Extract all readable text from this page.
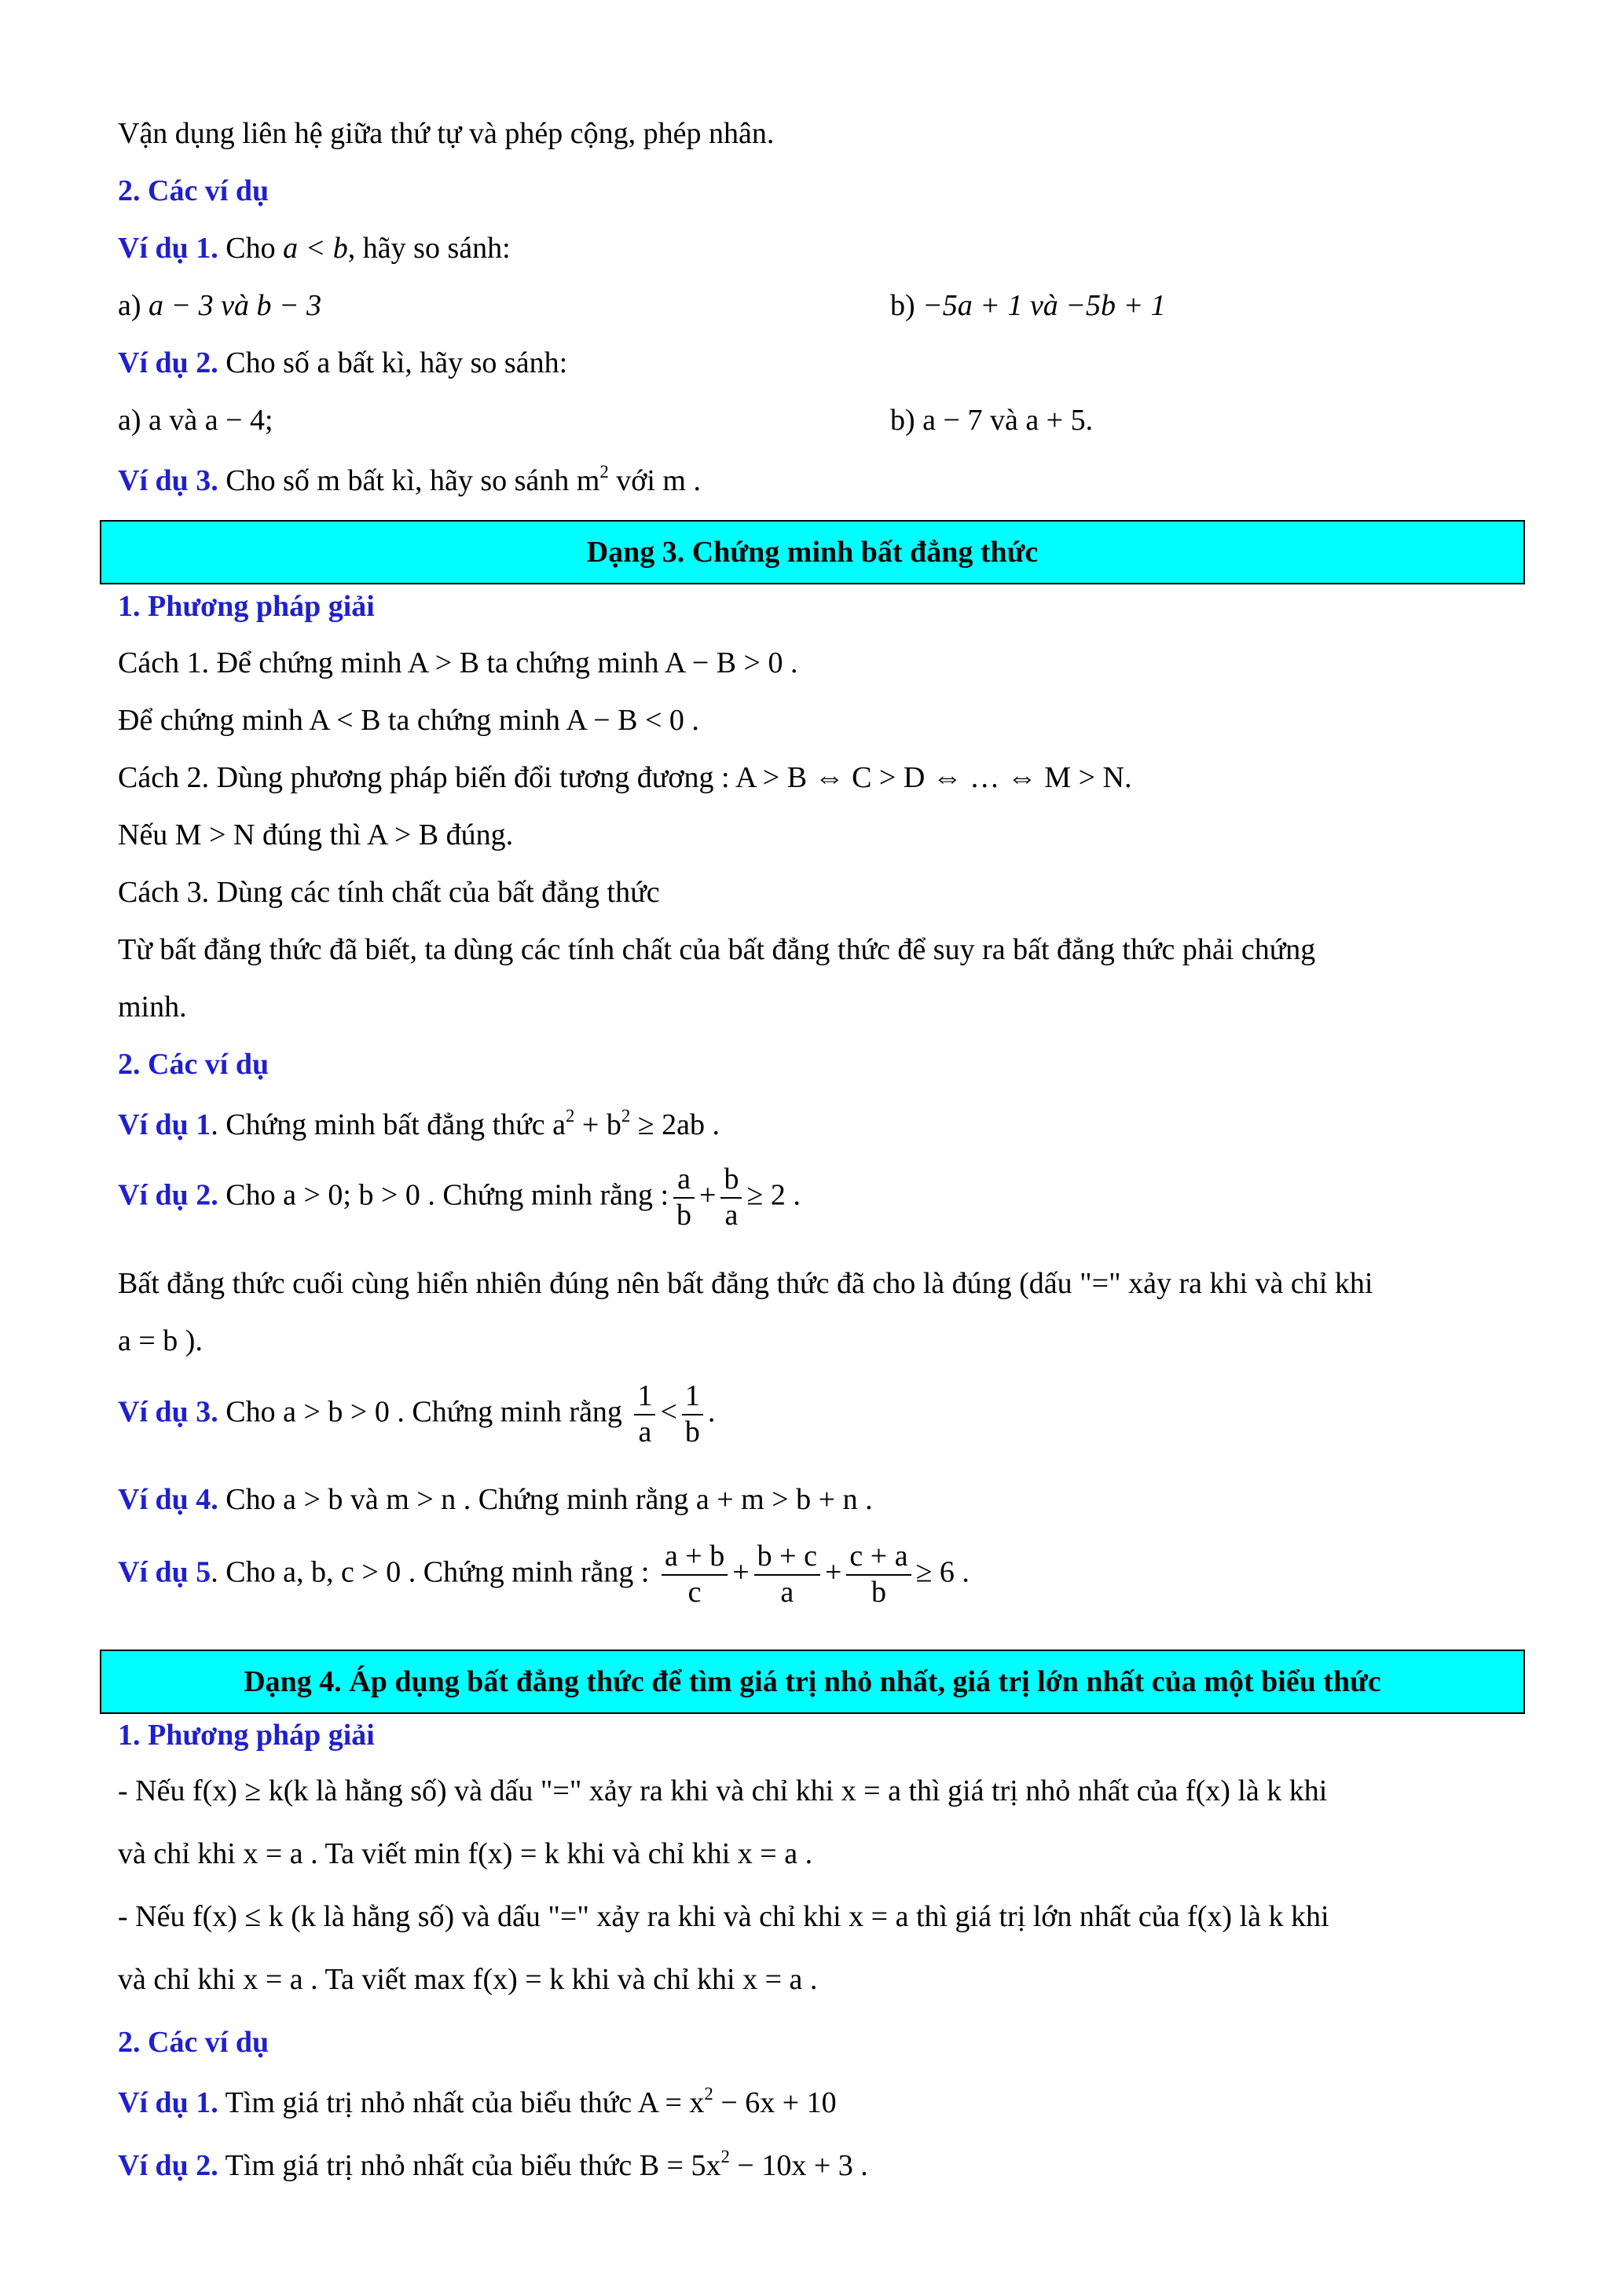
Vận dụng liên hệ giữa thứ tự và phép cộng, phép nhân.
2. Các ví dụ
Ví dụ 1. Cho a < b, hãy so sánh:
a) a − 3 và b − 3	b) −5a + 1 và −5b + 1
Ví dụ 2. Cho số a bất kì, hãy so sánh:
a) a và a − 4;	b) a − 7 và a + 5.
Ví dụ 3. Cho số m bất kì, hãy so sánh $m^2$ với m .
Dạng 3. Chứng minh bất đẳng thức
1. Phương pháp giải
Cách 1. Để chứng minh A > B ta chứng minh A − B > 0 .
Để chứng minh A < B ta chứng minh A − B < 0 .
Cách 2. Dùng phương pháp biến đổi tương đương : A > B ⇔ C > D ⇔ … ⇔ M > N.
Nếu M > N đúng thì A > B đúng.
Cách 3. Dùng các tính chất của bất đẳng thức
Từ bất đẳng thức đã biết, ta dùng các tính chất của bất đẳng thức để suy ra bất đẳng thức phải chứng
minh.
2. Các ví dụ
Ví dụ 1. Chứng minh bất đẳng thức $a^2 + b^2 \ge 2ab$ .
Ví dụ 2. Cho a > 0; b > 0 . Chứng minh rằng : $\frac{a}{b} + \frac{b}{a} \ge 2$ .
Bất đẳng thức cuối cùng hiển nhiên đúng nên bất đẳng thức đã cho là đúng (dấu "=" xảy ra khi và chỉ khi
a = b ).
Ví dụ 3. Cho a > b > 0 . Chứng minh rằng $\frac{1}{a} < \frac{1}{b}$ .
Ví dụ 4. Cho a > b và m > n . Chứng minh rằng a + m > b + n .
Ví dụ 5. Cho a, b, c > 0 . Chứng minh rằng : $\frac{a + b}{c} + \frac{b + c}{a} + \frac{c + a}{b} \ge 6$ .
Dạng 4. Áp dụng bất đẳng thức để tìm giá trị nhỏ nhất, giá trị lớn nhất của một biểu thức
1. Phương pháp giải
- Nếu f(x) ≥ k(k là hằng số) và dấu "=" xảy ra khi và chỉ khi x = a thì giá trị nhỏ nhất của f(x) là k khi
và chỉ khi x = a . Ta viết min f(x) = k khi và chỉ khi x = a .
- Nếu f(x) ≤ k (k là hằng số) và dấu "=" xảy ra khi và chỉ khi x = a thì giá trị lớn nhất của f(x) là k khi
và chỉ khi x = a . Ta viết max f(x) = k khi và chỉ khi x = a .
2. Các ví dụ
Ví dụ 1. Tìm giá trị nhỏ nhất của biểu thức $A = x^2 - 6x + 10$
Ví dụ 2. Tìm giá trị nhỏ nhất của biểu thức $B = 5x^2 - 10x + 3$ .
